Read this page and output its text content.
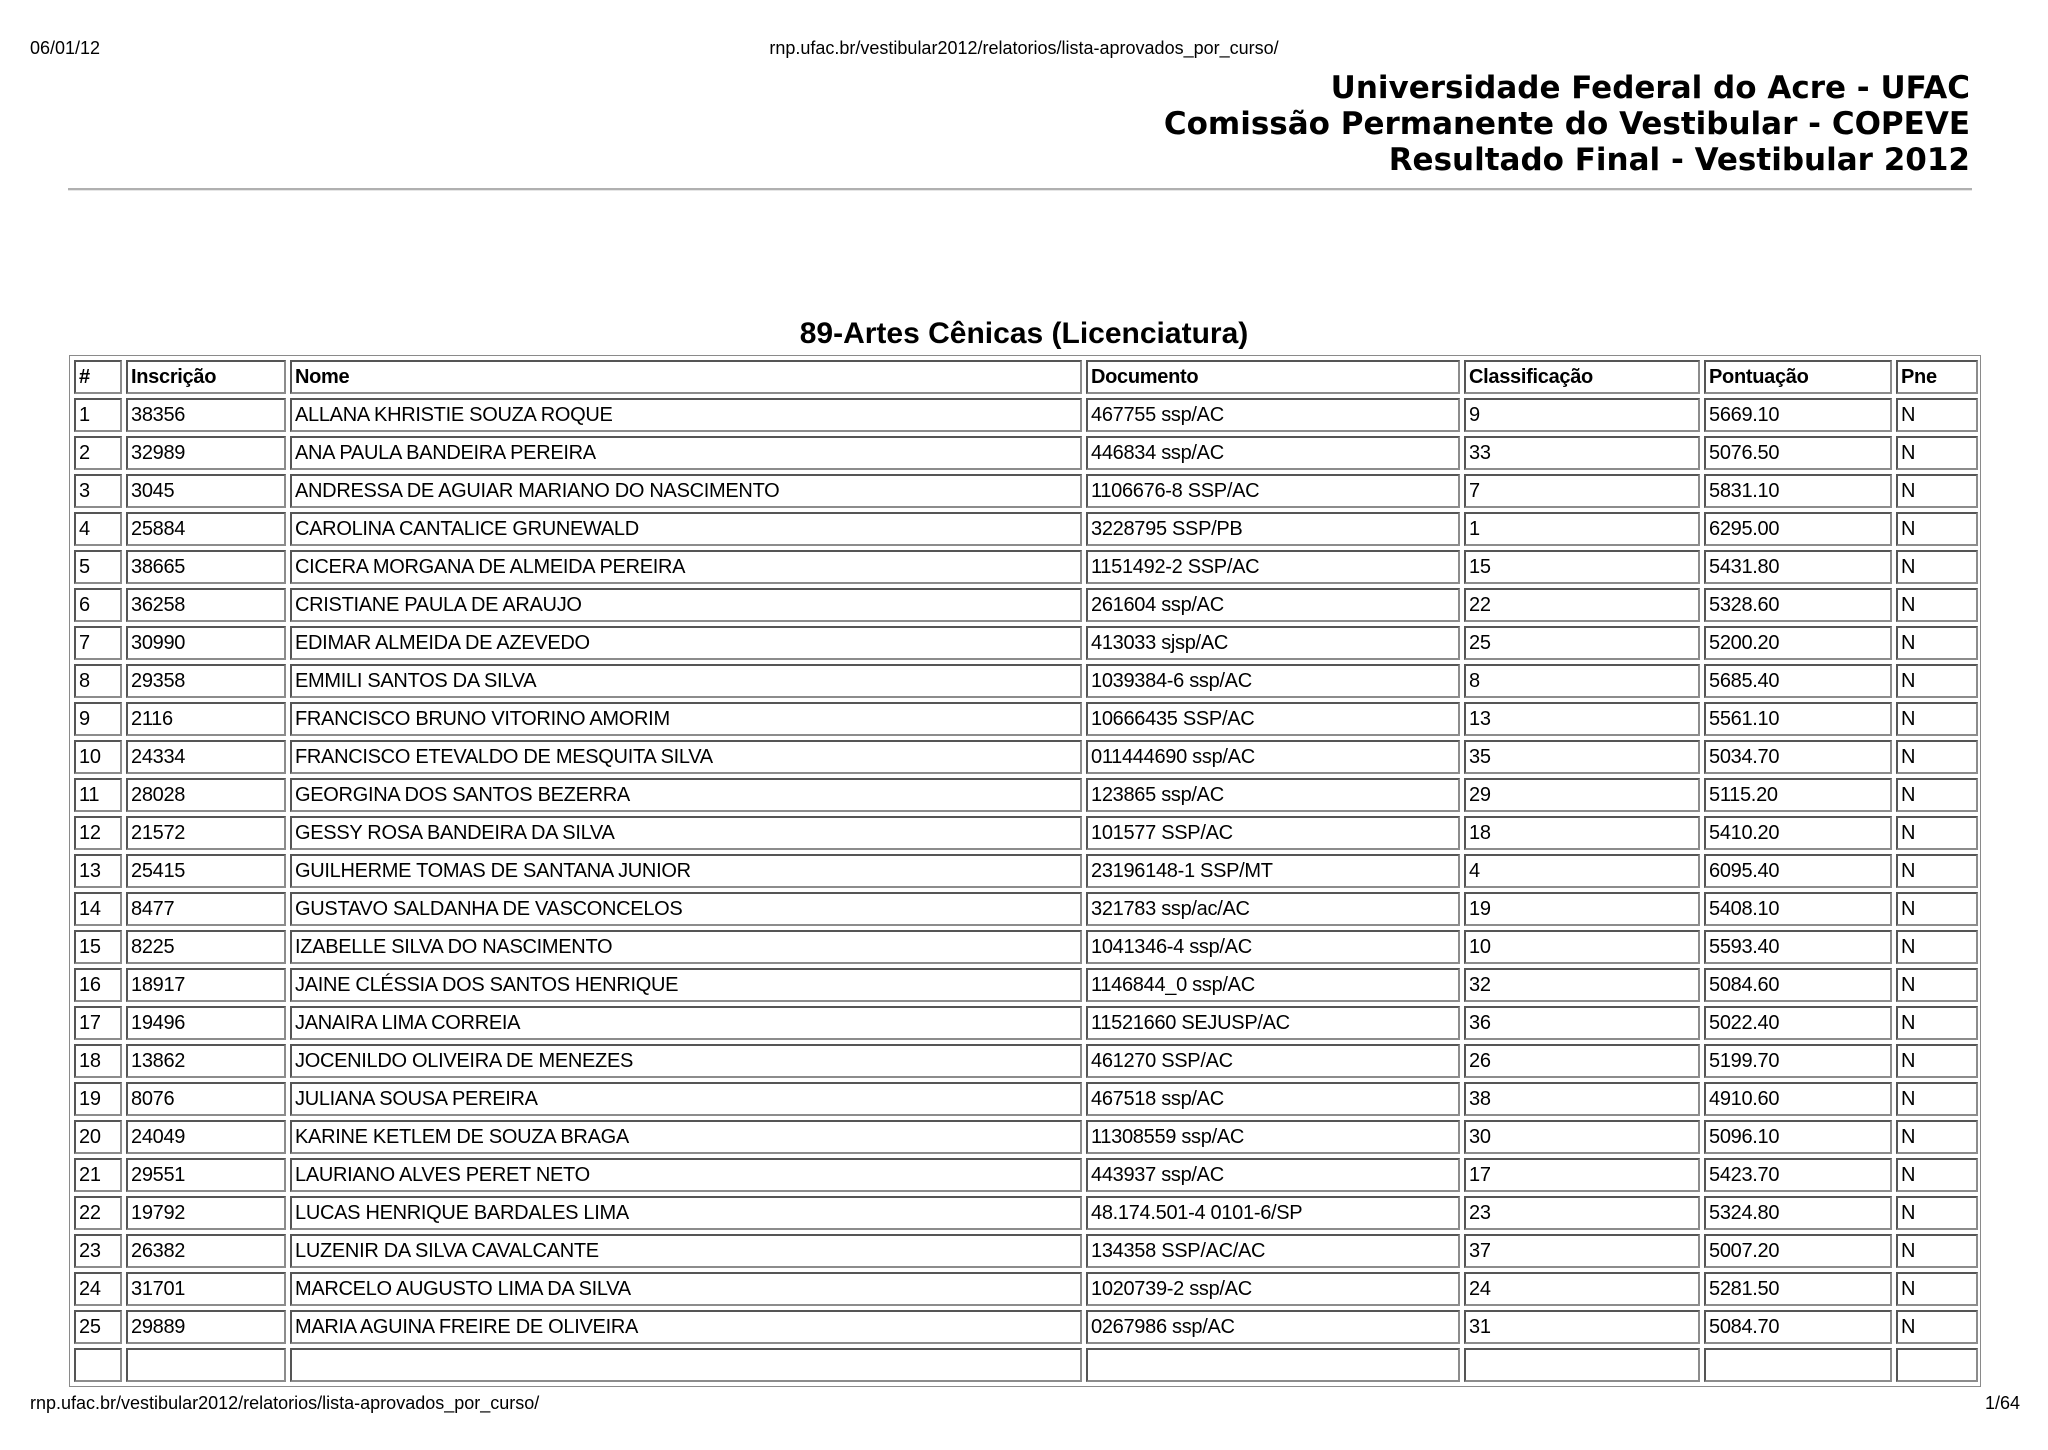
06/01/12	rnp.ufac.br/vestibular2012/relatorios/lista-aprovados_por_curso/
Universidade Federal do Acre - UFAC
Comissão Permanente do Vestibular - COPEVE
Resultado Final - Vestibular 2012
89-Artes Cênicas (Licenciatura)
#	Inscrição	Nome	Documento	Classificação	Pontuação	Pne
1	38356	ALLANA KHRISTIE SOUZA ROQUE	467755 ssp/AC	9	5669.10	N
2	32989	ANA PAULA BANDEIRA PEREIRA	446834 ssp/AC	33	5076.50	N
3	3045	ANDRESSA DE AGUIAR MARIANO DO NASCIMENTO	1106676-8 SSP/AC	7	5831.10	N
4	25884	CAROLINA CANTALICE GRUNEWALD	3228795 SSP/PB	1	6295.00	N
5	38665	CICERA MORGANA DE ALMEIDA PEREIRA	1151492-2 SSP/AC	15	5431.80	N
6	36258	CRISTIANE PAULA DE ARAUJO	261604 ssp/AC	22	5328.60	N
7	30990	EDIMAR ALMEIDA DE AZEVEDO	413033 sjsp/AC	25	5200.20	N
8	29358	EMMILI SANTOS DA SILVA	1039384-6 ssp/AC	8	5685.40	N
9	2116	FRANCISCO BRUNO VITORINO AMORIM	10666435 SSP/AC	13	5561.10	N
10	24334	FRANCISCO ETEVALDO DE MESQUITA SILVA	011444690 ssp/AC	35	5034.70	N
11	28028	GEORGINA DOS SANTOS BEZERRA	123865 ssp/AC	29	5115.20	N
12	21572	GESSY ROSA BANDEIRA DA SILVA	101577 SSP/AC	18	5410.20	N
13	25415	GUILHERME TOMAS DE SANTANA JUNIOR	23196148-1 SSP/MT	4	6095.40	N
14	8477	GUSTAVO SALDANHA DE VASCONCELOS	321783 ssp/ac/AC	19	5408.10	N
15	8225	IZABELLE SILVA DO NASCIMENTO	1041346-4 ssp/AC	10	5593.40	N
16	18917	JAINE CLÉSSIA DOS SANTOS HENRIQUE	1146844_0 ssp/AC	32	5084.60	N
17	19496	JANAIRA LIMA CORREIA	11521660 SEJUSP/AC	36	5022.40	N
18	13862	JOCENILDO OLIVEIRA DE MENEZES	461270 SSP/AC	26	5199.70	N
19	8076	JULIANA SOUSA PEREIRA	467518 ssp/AC	38	4910.60	N
20	24049	KARINE KETLEM DE SOUZA BRAGA	11308559 ssp/AC	30	5096.10	N
21	29551	LAURIANO ALVES PERET NETO	443937 ssp/AC	17	5423.70	N
22	19792	LUCAS HENRIQUE BARDALES LIMA	48.174.501-4 0101-6/SP	23	5324.80	N
23	26382	LUZENIR DA SILVA CAVALCANTE	134358 SSP/AC/AC	37	5007.20	N
24	31701	MARCELO AUGUSTO LIMA DA SILVA	1020739-2 ssp/AC	24	5281.50	N
25	29889	MARIA AGUINA FREIRE DE OLIVEIRA	0267986 ssp/AC	31	5084.70	N

rnp.ufac.br/vestibular2012/relatorios/lista-aprovados_por_curso/	1/64
